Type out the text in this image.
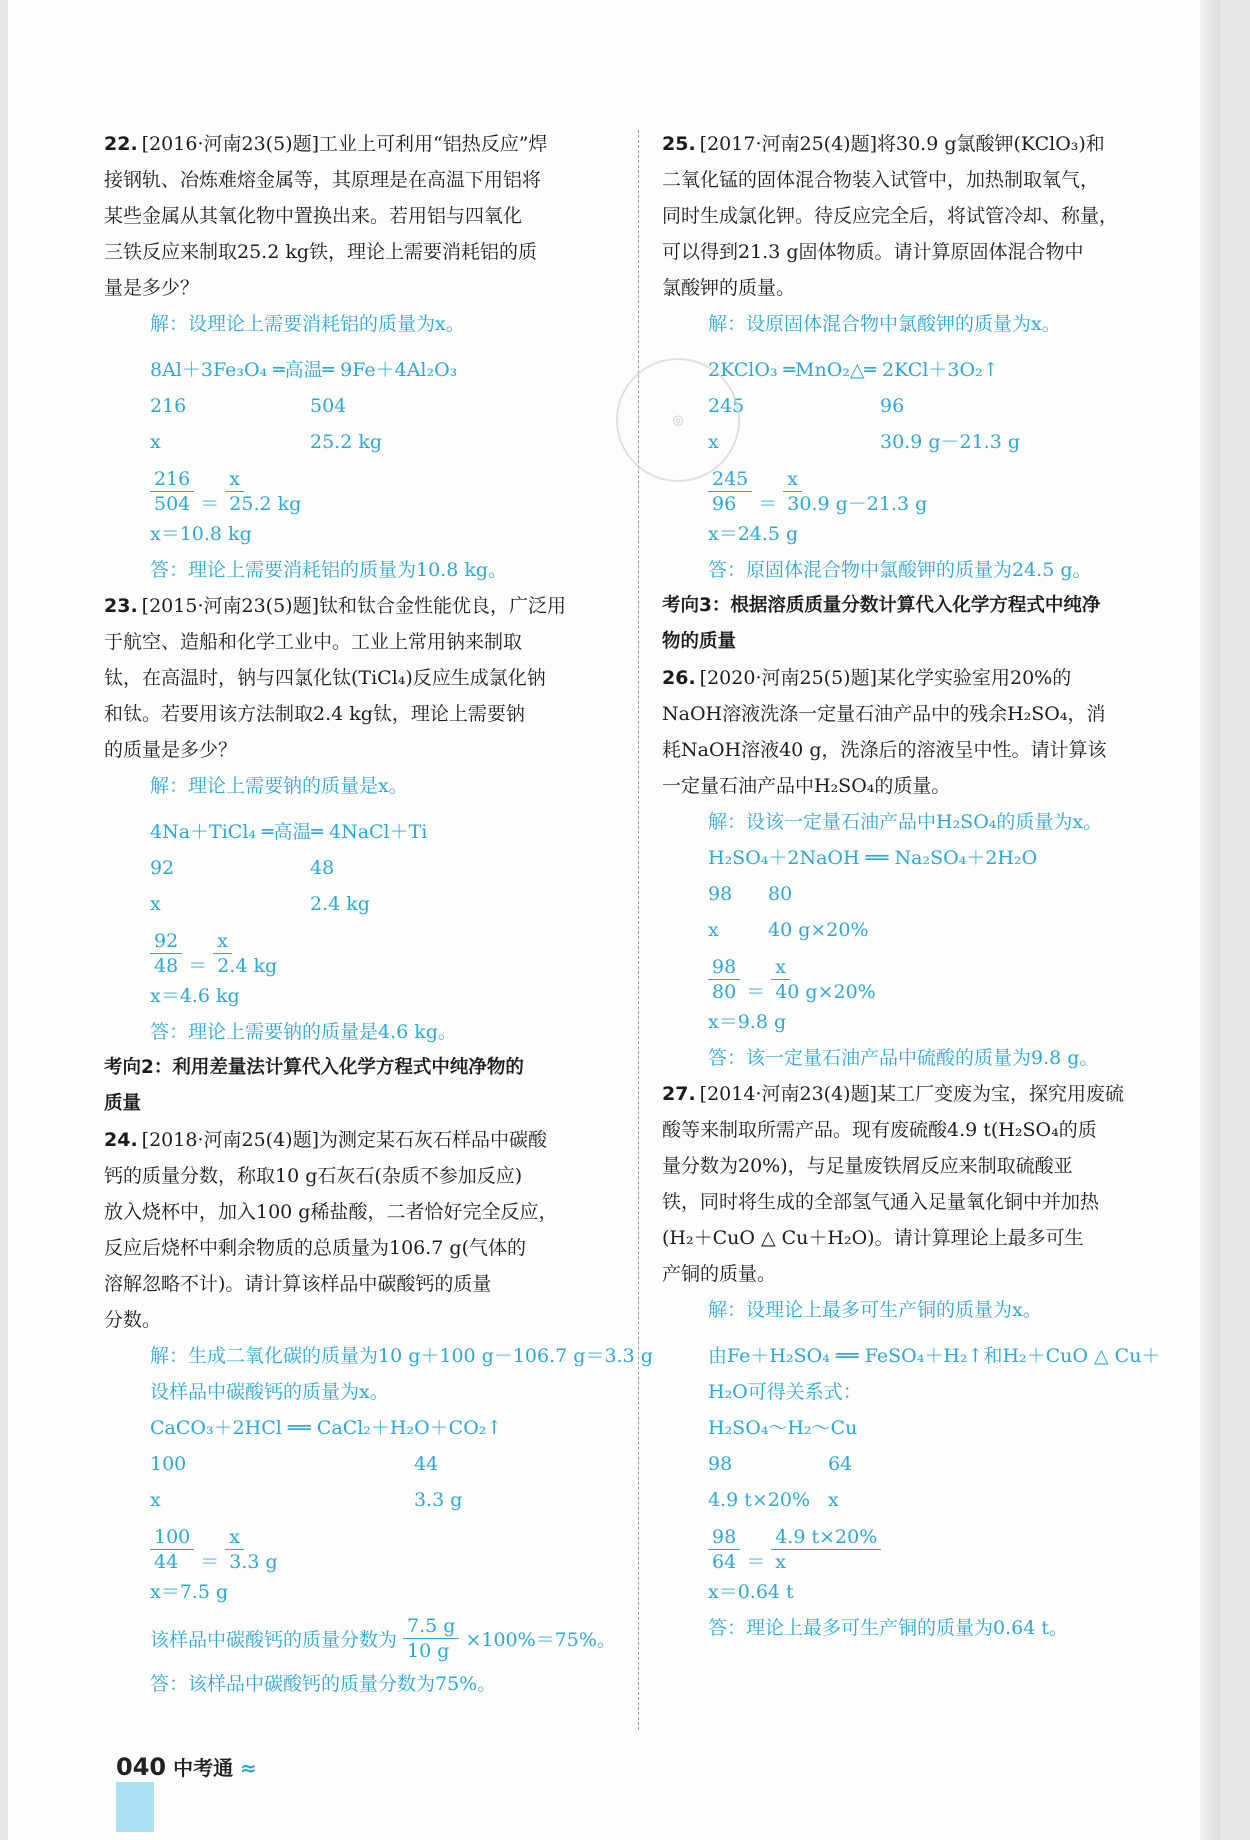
22. [2016·河南23(5)题]工业上可利用“铝热反应”焊
接钢轨、冶炼难熔金属等，其原理是在高温下用铝将
某些金属从其氧化物中置换出来。若用铝与四氧化
三铁反应来制取25.2 kg铁，理论上需要消耗铝的质
量是多少？
解：设理论上需要消耗铝的质量为x。
8Al＋3Fe₃O₄ ═高温═ 9Fe＋4Al₂O₃
216	504
x	25.2 kg
$\frac{216}{504} = \frac{x}{25.2 kg}$
x＝10.8 kg
答：理论上需要消耗铝的质量为10.8 kg。
23. [2015·河南23(5)题]钛和钛合金性能优良，广泛用
于航空、造船和化学工业中。工业上常用钠来制取
钛，在高温时，钠与四氯化钛(TiCl₄)反应生成氯化钠
和钛。若要用该方法制取2.4 kg钛，理论上需要钠
的质量是多少？
解：理论上需要钠的质量是x。
4Na＋TiCl₄ ═高温═ 4NaCl＋Ti
92	48
x	2.4 kg
$\frac{92}{48} = \frac{x}{2.4 kg}$
x＝4.6 kg
答：理论上需要钠的质量是4.6 kg。
考向2：利用差量法计算代入化学方程式中纯净物的
质量
24. [2018·河南25(4)题]为测定某石灰石样品中碳酸
钙的质量分数，称取10 g石灰石(杂质不参加反应)
放入烧杯中，加入100 g稀盐酸，二者恰好完全反应，
反应后烧杯中剩余物质的总质量为106.7 g(气体的
溶解忽略不计)。请计算该样品中碳酸钙的质量
分数。
解：生成二氧化碳的质量为10 g＋100 g－106.7 g＝3.3 g
设样品中碳酸钙的质量为x。
CaCO₃＋2HCl ══ CaCl₂＋H₂O＋CO₂↑
100	44
x	3.3 g
$\frac{100}{44} = \frac{x}{3.3 g}$
x＝7.5 g
该样品中碳酸钙的质量分数为 $\frac{7.5 g}{10 g} \times 100\%=75\%$。
答：该样品中碳酸钙的质量分数为75%。
25. [2017·河南25(4)题]将30.9 g氯酸钾(KClO₃)和
二氧化锰的固体混合物装入试管中，加热制取氧气，
同时生成氯化钾。待反应完全后，将试管冷却、称量，
可以得到21.3 g固体物质。请计算原固体混合物中
氯酸钾的质量。
解：设原固体混合物中氯酸钾的质量为x。
2KClO₃ ═MnO₂△═ 2KCl＋3O₂↑
245	96
x	30.9 g－21.3 g
$\frac{245}{96} = \frac{x}{30.9 g-21.3 g}$
x＝24.5 g
答：原固体混合物中氯酸钾的质量为24.5 g。
考向3：根据溶质质量分数计算代入化学方程式中纯净
物的质量
26. [2020·河南25(5)题]某化学实验室用20%的
NaOH溶液洗涤一定量石油产品中的残余H₂SO₄，消
耗NaOH溶液40 g，洗涤后的溶液呈中性。请计算该
一定量石油产品中H₂SO₄的质量。
解：设该一定量石油产品中H₂SO₄的质量为x。
H₂SO₄＋2NaOH ══ Na₂SO₄＋2H₂O
98	80
x	40 g×20%
$\frac{98}{80} = \frac{x}{40 g\times 20\%}$
x＝9.8 g
答：该一定量石油产品中硫酸的质量为9.8 g。
27. [2014·河南23(4)题]某工厂变废为宝，探究用废硫
酸等来制取所需产品。现有废硫酸4.9 t(H₂SO₄的质
量分数为20%)，与足量废铁屑反应来制取硫酸亚
铁，同时将生成的全部氢气通入足量氧化铜中并加热
(H₂＋CuO △ Cu＋H₂O)。请计算理论上最多可生
产铜的质量。
解：设理论上最多可生产铜的质量为x。
由Fe＋H₂SO₄ ══ FeSO₄＋H₂↑和H₂＋CuO △ Cu＋
H₂O可得关系式：
H₂SO₄～H₂～Cu
98	64
4.9 t×20% x
$\frac{98}{64} = \frac{4.9 t\times 20\%}{x}$
x＝0.64 t
答：理论上最多可生产铜的质量为0.64 t。
◎
040 中考通 ≈
